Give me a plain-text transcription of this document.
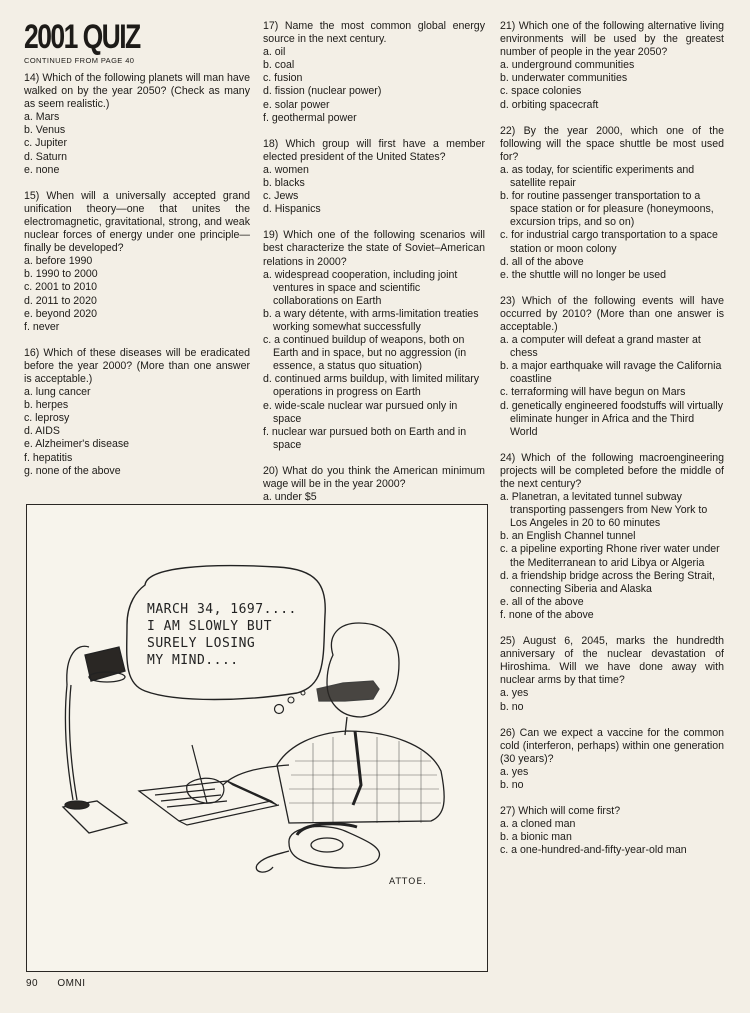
2001 QUIZ
CONTINUED FROM PAGE 40

14) Which of the following planets will man have walked on by the year 2050? (Check as many as seem realistic.)

a. Mars
b. Venus
c. Jupiter
d. Saturn
e. none

15) When will a universally accepted grand unification theory—one that unites the electromagnetic, gravitational, strong, and weak nuclear forces of energy under one principle—finally be developed?

a. before 1990
b. 1990 to 2000
c. 2001 to 2010
d. 2011 to 2020
e. beyond 2020
f. never

16) Which of these diseases will be eradicated before the year 2000? (More than one answer is acceptable.)

a. lung cancer
b. herpes
c. leprosy
d. AIDS
e. Alzheimer's disease
f. hepatitis
g. none of the above

17) Name the most common global energy source in the next century.

a. oil
b. coal
c. fusion
d. fission (nuclear power)
e. solar power
f. geothermal power

18) Which group will first have a member elected president of the United States?

a. women
b. blacks
c. Jews
d. Hispanics

19) Which one of the following scenarios will best characterize the state of Soviet–American relations in 2000?

a. widespread cooperation, including joint ventures in space and scientific collaborations on Earth
b. a wary détente, with arms-limitation treaties working somewhat successfully
c. a continued buildup of weapons, both on Earth and in space, but no aggression (in essence, a status quo situation)
d. continued arms buildup, with limited military operations in progress on Earth
e. wide-scale nuclear war pursued only in space
f. nuclear war pursued both on Earth and in space

20) What do you think the American minimum wage will be in the year 2000?

a. under $5

21) Which one of the following alternative living environments will be used by the greatest number of people in the year 2050?

a. underground communities
b. underwater communities
c. space colonies
d. orbiting spacecraft

22) By the year 2000, which one of the following will the space shuttle be most used for?

a. as today, for scientific experiments and satellite repair
b. for routine passenger transportation to a space station or for pleasure (honeymoons, excursion trips, and so on)
c. for industrial cargo transportation to a space station or moon colony
d. all of the above
e. the shuttle will no longer be used

23) Which of the following events will have occurred by 2010? (More than one answer is acceptable.)

a. a computer will defeat a grand master at chess
b. a major earthquake will ravage the California coastline
c. terraforming will have begun on Mars
d. genetically engineered foodstuffs will virtually eliminate hunger in Africa and the Third World

24) Which of the following macroengineering projects will be completed before the middle of the next century?

a. Planetran, a levitated tunnel subway transporting passengers from New York to Los Angeles in 20 to 60 minutes
b. an English Channel tunnel
c. a pipeline exporting Rhone river water under the Mediterranean to arid Libya or Algeria
d. a friendship bridge across the Bering Strait, connecting Siberia and Alaska
e. all of the above
f. none of the above

25) August 6, 2045, marks the hundredth anniversary of the nuclear devastation of Hiroshima. Will we have done away with nuclear arms by that time?

a. yes
b. no

26) Can we expect a vaccine for the common cold (interferon, perhaps) within one generation (30 years)?

a. yes
b. no

27) Which will come first?

a. a cloned man
b. a bionic man
c. a one-hundred-and-fifty-year-old man
MARCH 34, 1697....
I AM SLOWLY BUT
SURELY LOSING
MY MIND....
ATTOE.
90 OMNI
